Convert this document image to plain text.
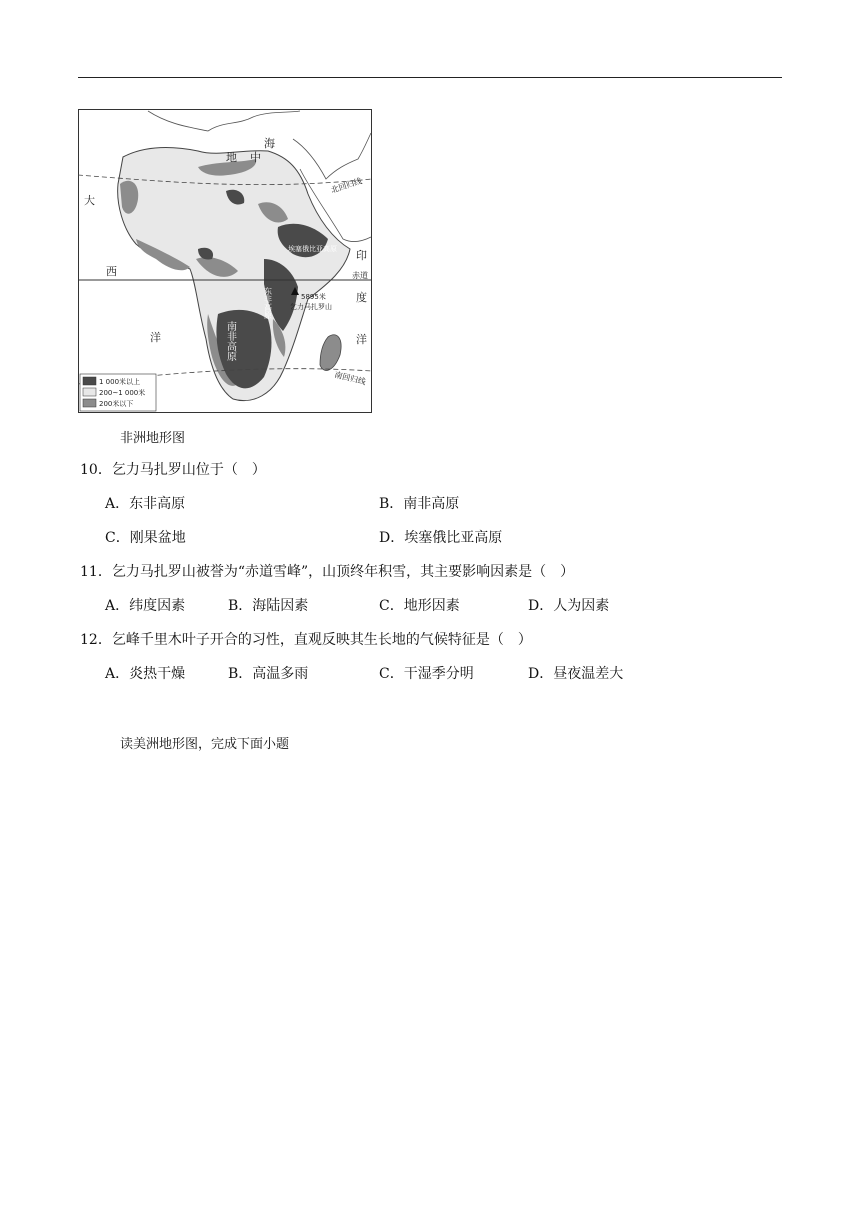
地 中
海
大
西
洋
印
度
洋
北回归线
南回归线
赤道
埃塞俄比亚高原
东非高原
南非高原
5895米
乞力马扎罗山
1 000米以上
200~1 000米
200米以下
非洲地形图
10．乞力马扎罗山位于（　）
A．东非高原	B．南非高原
C．刚果盆地	D．埃塞俄比亚高原
11．乞力马扎罗山被誉为“赤道雪峰”，山顶终年积雪，其主要影响因素是（　）
A．纬度因素	B．海陆因素	C．地形因素	D．人为因素
12．乞峰千里木叶子开合的习性，直观反映其生长地的气候特征是（　）
A．炎热干燥	B．高温多雨	C．干湿季分明	D．昼夜温差大
读美洲地形图，完成下面小题
